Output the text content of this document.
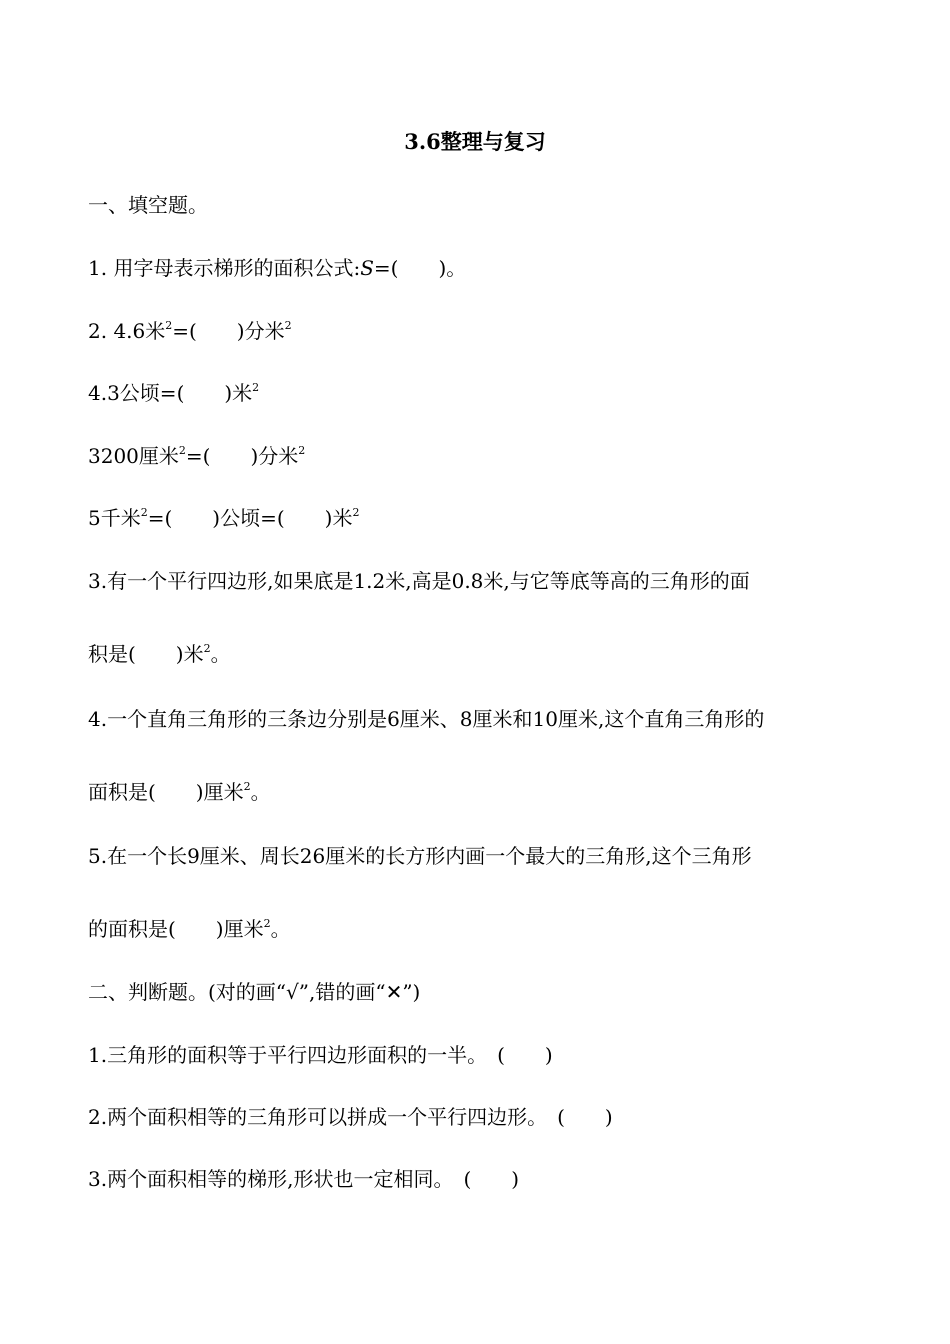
3.6整理与复习
一、填空题。
1. 用字母表示梯形的面积公式:S=(　　)。
2. 4.6米$^2$=(　　)分米$^2$
4.3公顷=(　　)米$^2$
3200厘米$^2$=(　　)分米$^2$
5千米$^2$=(　　)公顷=(　　)米$^2$
3.有一个平行四边形,如果底是1.2米,高是0.8米,与它等底等高的三角形的面
积是(　　)米$^2$。
4.一个直角三角形的三条边分别是6厘米、8厘米和10厘米,这个直角三角形的
面积是(　　)厘米$^2$。
5.在一个长9厘米、周长26厘米的长方形内画一个最大的三角形,这个三角形
的面积是(　　)厘米$^2$。
二、判断题。(对的画“√”,错的画“✕”)
1.三角形的面积等于平行四边形面积的一半。　(　　)
2.两个面积相等的三角形可以拼成一个平行四边形。　(　　)
3.两个面积相等的梯形,形状也一定相同。　(　　)
